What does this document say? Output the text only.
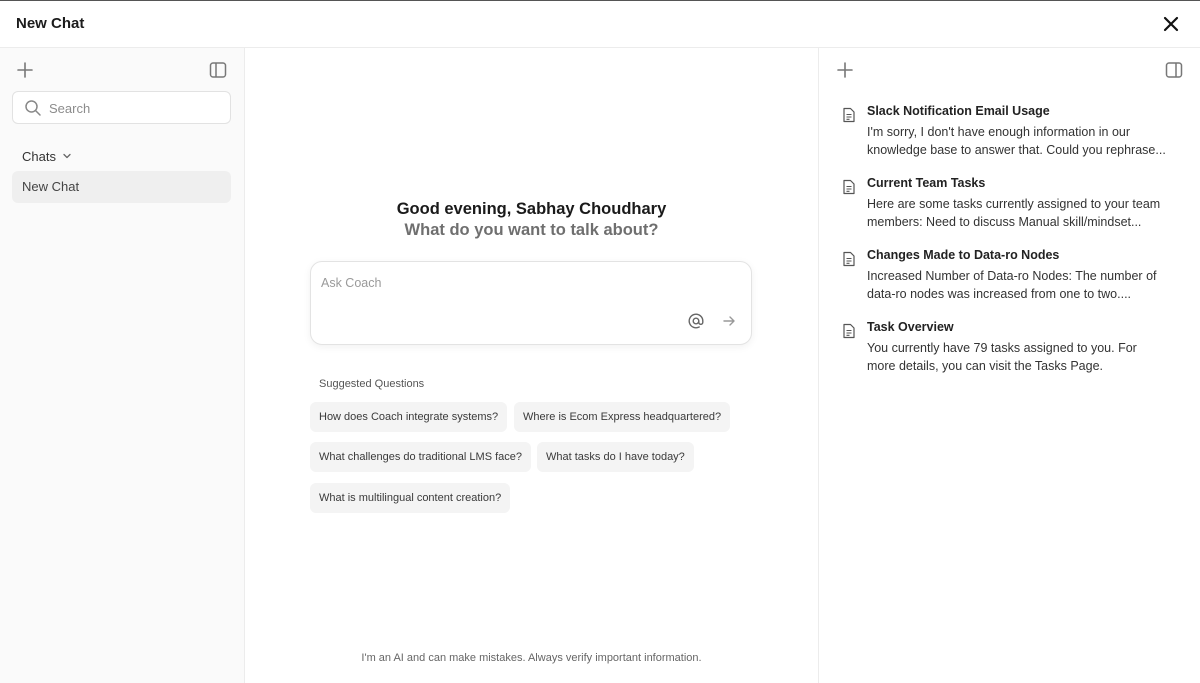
New Chat
Search
Chats
New Chat
Good evening, Sabhay Choudhary
What do you want to talk about?
Ask Coach
Suggested Questions
How does Coach integrate systems?	Where is Ecom Express headquartered?
What challenges do traditional LMS face?	What tasks do I have today?
What is multilingual content creation?
I'm an AI and can make mistakes. Always verify important information.
Slack Notification Email Usage
I'm sorry, I don't have enough information in our knowledge base to answer that. Could you rephrase...
Current Team Tasks
Here are some tasks currently assigned to your team members: Need to discuss Manual skill/mindset...
Changes Made to Data-ro Nodes
Increased Number of Data-ro Nodes: The number of data-ro nodes was increased from one to two....
Task Overview
You currently have 79 tasks assigned to you. For more details, you can visit the Tasks Page.
